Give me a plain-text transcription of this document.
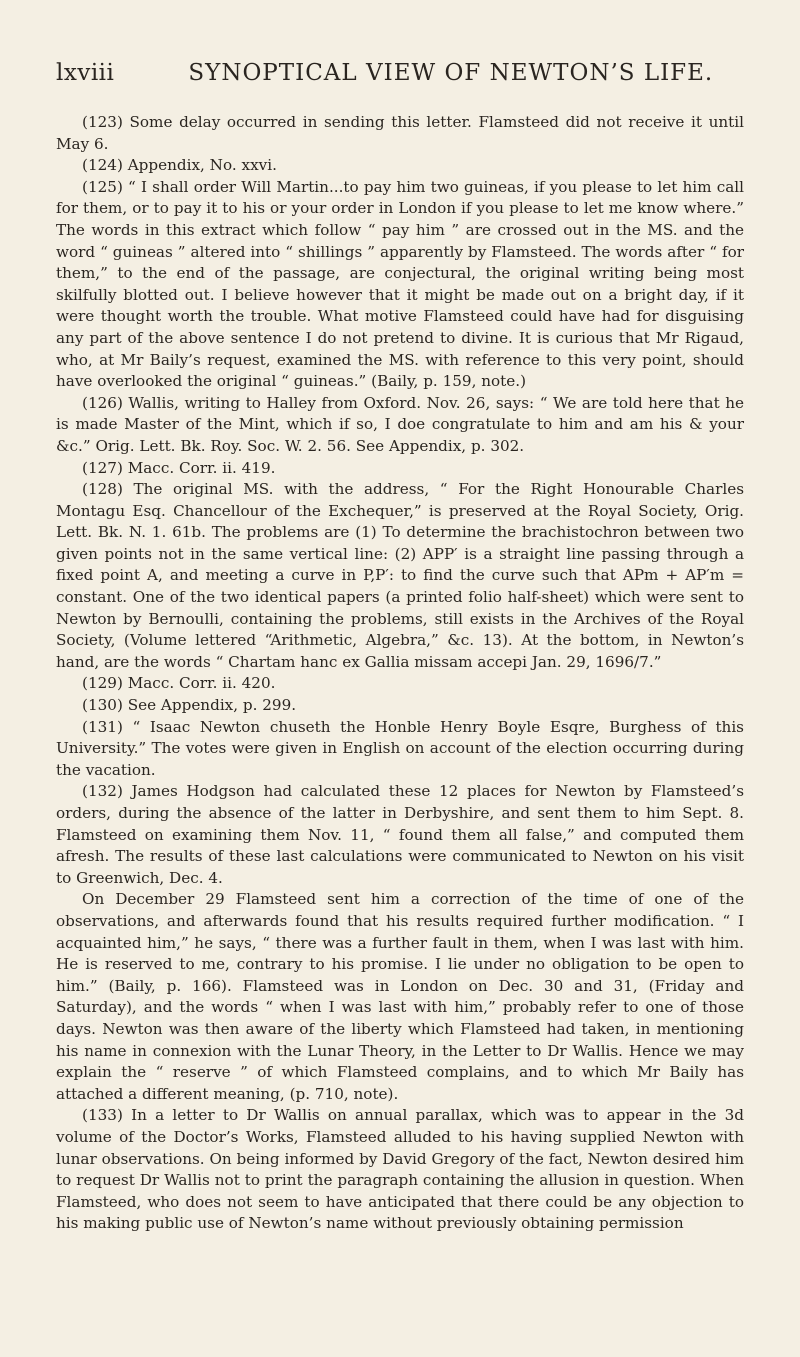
lxviii	SYNOPTICAL VIEW OF NEWTON’S LIFE.

(123) Some delay occurred in sending this letter. Flamsteed did not receive it until May 6.

(124) Appendix, No. xxvi.

(125) “ I shall order Will Martin...to pay him two guineas, if you please to let him call for them, or to pay it to his or your order in London if you please to let me know where.” The words in this extract which follow “ pay him ” are crossed out in the MS. and the word “ guineas ” altered into “ shillings ” apparently by Flamsteed. The words after “ for them,” to the end of the passage, are conjectural, the original writing being most skilfully blotted out. I believe however that it might be made out on a bright day, if it were thought worth the trouble. What motive Flamsteed could have had for disguising any part of the above sentence I do not pretend to divine. It is curious that Mr Rigaud, who, at Mr Baily’s request, examined the MS. with reference to this very point, should have overlooked the original “ guineas.” (Baily, p. 159, note.)

(126) Wallis, writing to Halley from Oxford. Nov. 26, says: “ We are told here that he is made Master of the Mint, which if so, I doe congratulate to him and am his & your &c.” Orig. Lett. Bk. Roy. Soc. W. 2. 56. See Appendix, p. 302.

(127) Macc. Corr. ii. 419.

(128) The original MS. with the address, “ For the Right Honourable Charles Montagu Esq. Chancellour of the Exchequer,” is preserved at the Royal Society, Orig. Lett. Bk. N. 1. 61b. The problems are (1) To determine the brachistochron between two given points not in the same vertical line: (2) APP′ is a straight line passing through a fixed point A, and meeting a curve in P,P′: to find the curve such that APm + AP′m = constant. One of the two identical papers (a printed folio half-sheet) which were sent to Newton by Bernoulli, containing the problems, still exists in the Archives of the Royal Society, (Volume lettered “Arithmetic, Algebra,” &c. 13). At the bottom, in Newton’s hand, are the words “ Chartam hanc ex Gallia missam accepi Jan. 29, 1696/7.”

(129) Macc. Corr. ii. 420.

(130) See Appendix, p. 299.

(131) “ Isaac Newton chuseth the Honble Henry Boyle Esqre, Burghess of this University.” The votes were given in English on account of the election occurring during the vacation.

(132) James Hodgson had calculated these 12 places for Newton by Flamsteed’s orders, during the absence of the latter in Derbyshire, and sent them to him Sept. 8. Flamsteed on examining them Nov. 11, “ found them all false,” and computed them afresh. The results of these last calculations were communicated to Newton on his visit to Greenwich, Dec. 4.

On December 29 Flamsteed sent him a correction of the time of one of the observations, and afterwards found that his results required further modification. “ I acquainted him,” he says, “ there was a further fault in them, when I was last with him. He is reserved to me, contrary to his promise. I lie under no obligation to be open to him.” (Baily, p. 166). Flamsteed was in London on Dec. 30 and 31, (Friday and Saturday), and the words “ when I was last with him,” probably refer to one of those days. Newton was then aware of the liberty which Flamsteed had taken, in mentioning his name in connexion with the Lunar Theory, in the Letter to Dr Wallis. Hence we may explain the “ reserve ” of which Flamsteed complains, and to which Mr Baily has attached a different meaning, (p. 710, note).

(133) In a letter to Dr Wallis on annual parallax, which was to appear in the 3d volume of the Doctor’s Works, Flamsteed alluded to his having supplied Newton with lunar observations. On being informed by David Gregory of the fact, Newton desired him to request Dr Wallis not to print the paragraph containing the allusion in question. When Flamsteed, who does not seem to have anticipated that there could be any objection to his making public use of Newton’s name without previously obtaining permission
